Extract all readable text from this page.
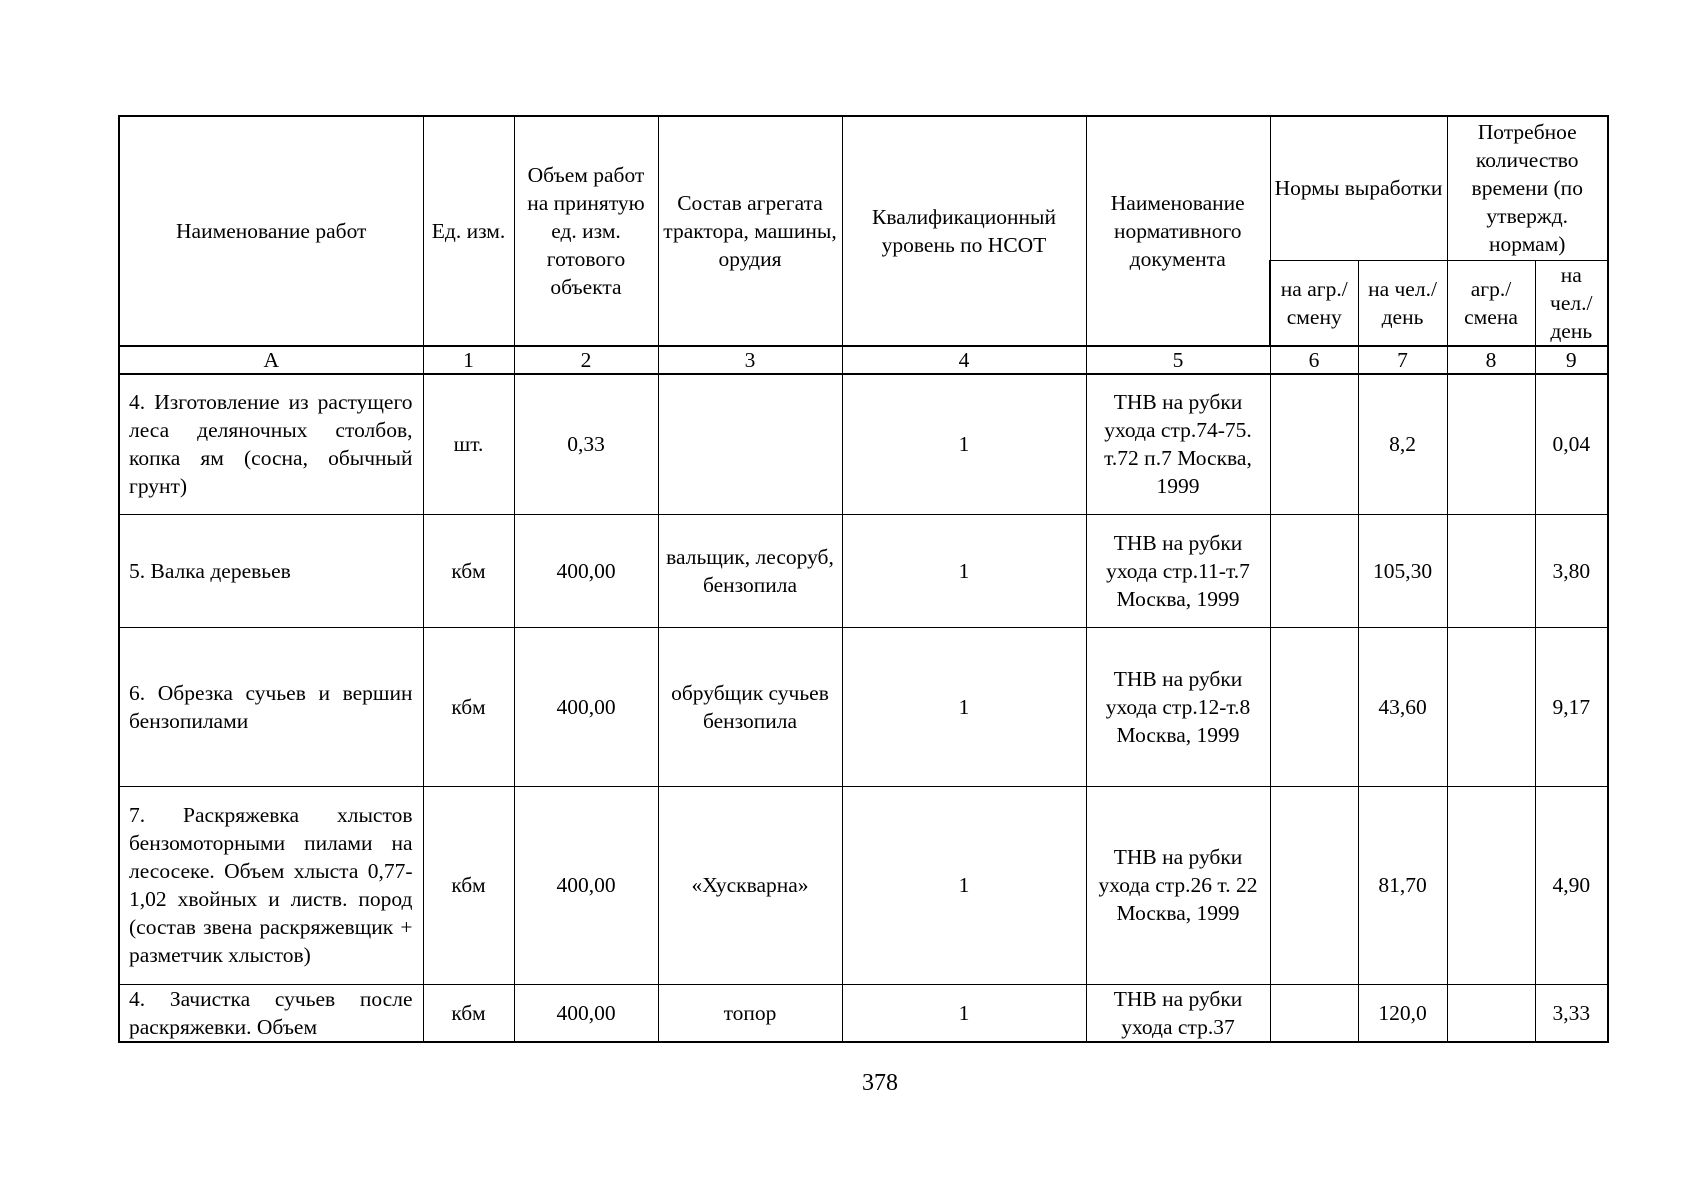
Наименование работ	Ед. изм.	Объем работ на принятую ед. изм. готового объекта	Состав агрегата трактора, машины, орудия	Квалификационный уровень по НСОТ	Наименование нормативного документа	Нормы выработки		Потребное количество времени (по утвержд. нормам)	
						на агр./ смену	на чел./ день	агр./ смена	на чел./ день
А	1	2	3	4	5	6	7	8	9
4. Изготовление из растущего леса деляночных столбов, копка ям (сосна, обычный грунт)	шт.	0,33		1	ТНВ на рубки ухода стр.74-75. т.72 п.7 Москва, 1999		8,2		0,04
5. Валка деревьев	кбм	400,00	вальщик, лесоруб, бензопила	1	ТНВ на рубки ухода стр.11-т.7 Москва, 1999		105,30		3,80
6. Обрезка сучьев и вершин бензопилами	кбм	400,00	обрубщик сучьев бензопила	1	ТНВ на рубки ухода стр.12-т.8 Москва, 1999		43,60		9,17
7. Раскряжевка хлыстов бензомоторными пилами на лесосеке. Объем хлыста 0,77-1,02 хвойных и листв. пород (состав звена раскряжевщик + разметчик хлыстов)	кбм	400,00	«Хускварна»	1	ТНВ на рубки ухода стр.26 т. 22 Москва, 1999		81,70		4,90
4. Зачистка сучьев после раскряжевки. Объем	кбм	400,00	топор	1	ТНВ на рубки ухода стр.37		120,0		3,33
378
